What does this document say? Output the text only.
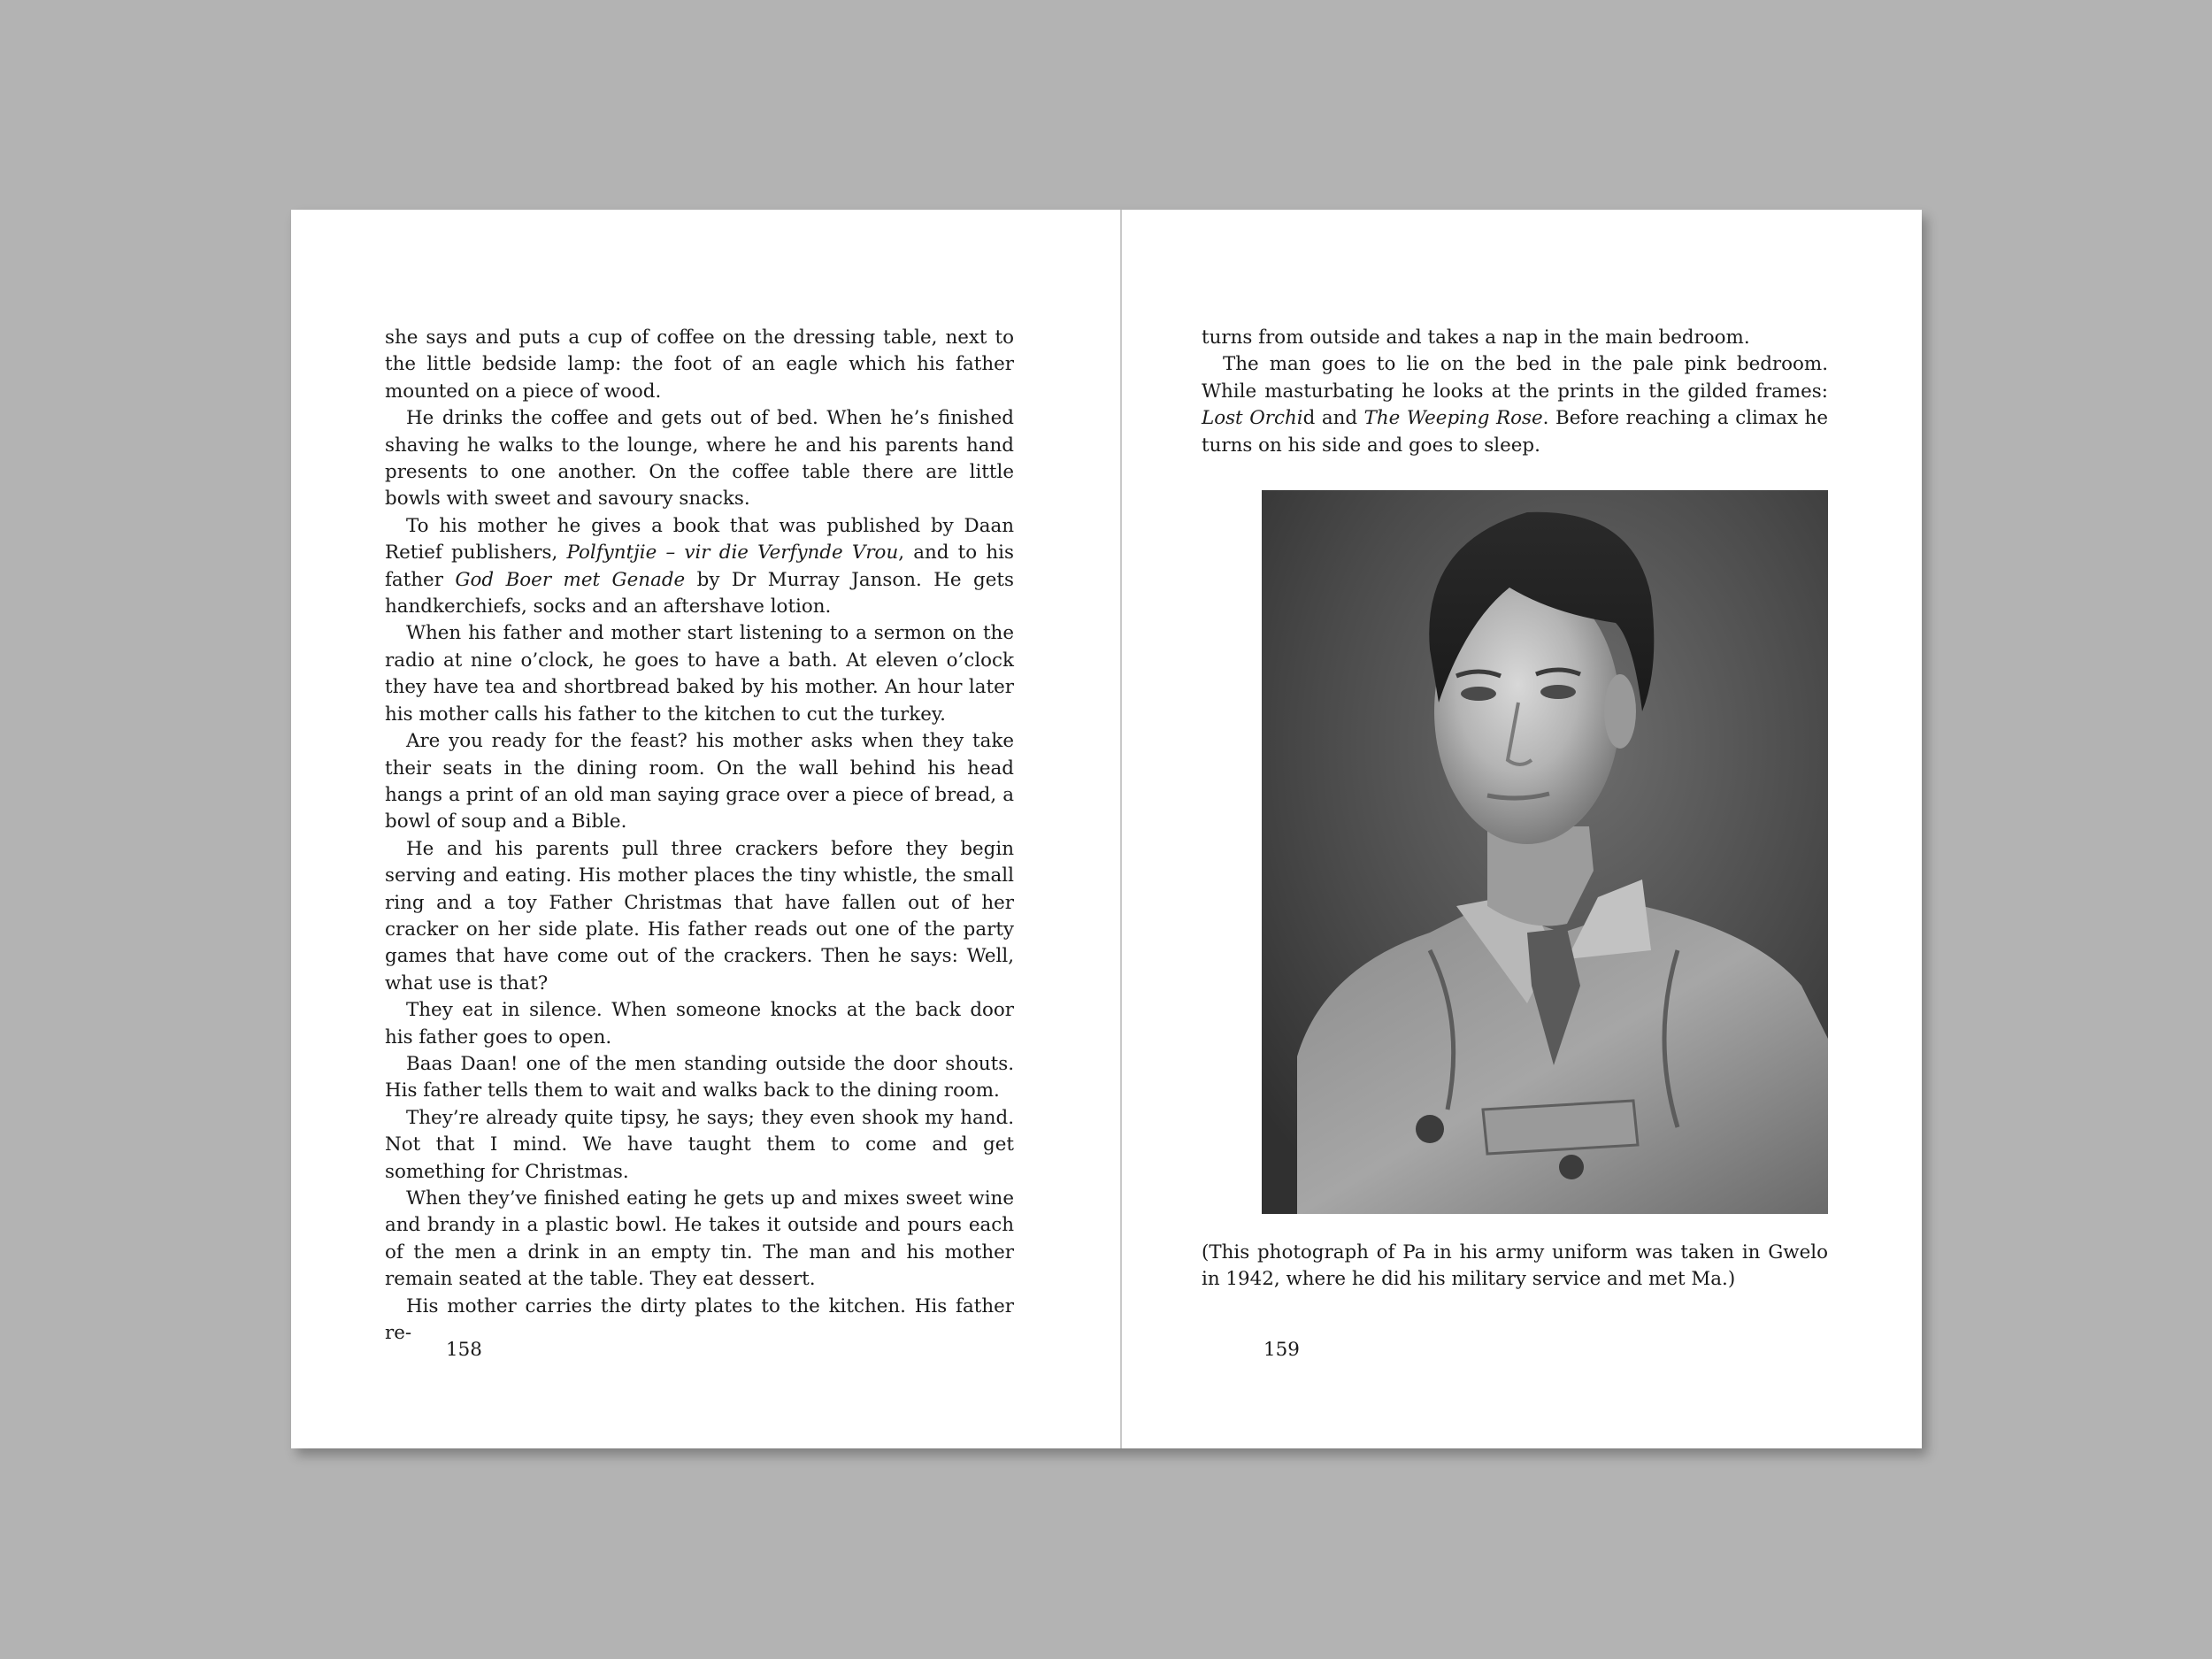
she says and puts a cup of coffee on the dressing table, next to the little bedside lamp: the foot of an eagle which his father mounted on a piece of wood.

He drinks the coffee and gets out of bed. When he’s finished shaving he walks to the lounge, where he and his parents hand presents to one another. On the coffee table there are little bowls with sweet and savoury snacks.

To his mother he gives a book that was published by Daan Retief publishers, Polfyntjie – vir die Verfynde Vrou, and to his father God Boer met Genade by Dr Murray Janson. He gets handkerchiefs, socks and an aftershave lotion.

When his father and mother start listening to a sermon on the radio at nine o’clock, he goes to have a bath. At eleven o’clock they have tea and shortbread baked by his mother. An hour later his mother calls his father to the kitchen to cut the turkey.

Are you ready for the feast? his mother asks when they take their seats in the dining room. On the wall behind his head hangs a print of an old man saying grace over a piece of bread, a bowl of soup and a Bible.

He and his parents pull three crackers before they begin serving and eating. His mother places the tiny whistle, the small ring and a toy Father Christmas that have fallen out of her cracker on her side plate. His father reads out one of the party games that have come out of the crackers. Then he says: Well, what use is that?

They eat in silence. When someone knocks at the back door his father goes to open.

Baas Daan! one of the men standing outside the door shouts. His father tells them to wait and walks back to the dining room.

They’re already quite tipsy, he says; they even shook my hand. Not that I mind. We have taught them to come and get something for Christmas.

When they’ve finished eating he gets up and mixes sweet wine and brandy in a plastic bowl. He takes it outside and pours each of the men a drink in an empty tin. The man and his mother remain seated at the table. They eat dessert.

His mother carries the dirty plates to the kitchen. His father re-

158

turns from outside and takes a nap in the main bedroom.

The man goes to lie on the bed in the pale pink bedroom. While masturbating he looks at the prints in the gilded frames: Lost Orchid and The Weeping Rose. Before reaching a climax he turns on his side and goes to sleep.

(This photograph of Pa in his army uniform was taken in Gwelo in 1942, where he did his military service and met Ma.)
159
